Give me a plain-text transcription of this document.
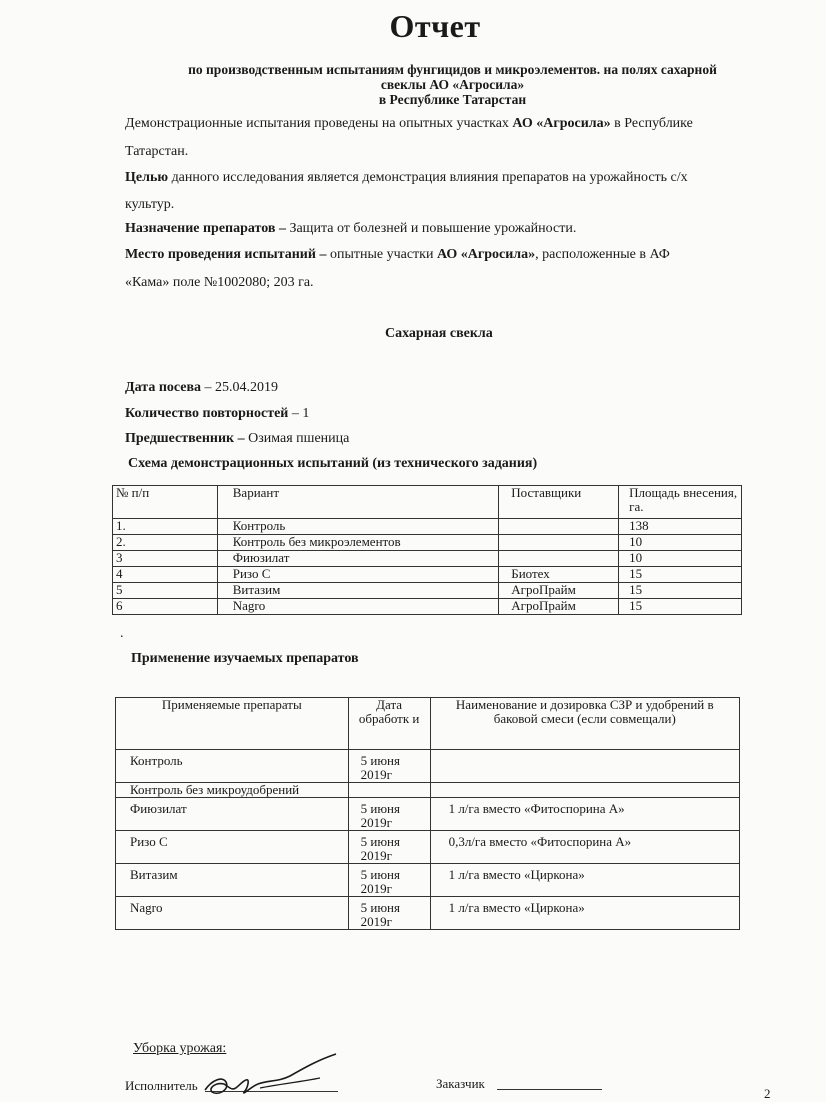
Отчет
по производственным испытаниям фунгицидов и микроэлементов. на полях сахарной
свеклы АО «Агросила»
в Республике Татарстан
Демонстрационные испытания проведены на опытных участках АО «Агросила» в Республике
Татарстан.
Целью данного исследования является демонстрация влияния препаратов на урожайность с/х
культур.
Назначение препаратов – Защита от болезней и повышение урожайности.
Место проведения испытаний – опытные участки АО «Агросила», расположенные в АФ
«Кама» поле №1002080; 203 га.
Сахарная свекла
Дата посева – 25.04.2019
Количество повторностей – 1
Предшественник – Озимая пшеница
Схема демонстрационных испытаний (из технического задания)
№ п/п	Вариант	Поставщики	Площадь внесения, га.
1.	Контроль		138
2.	Контроль без микроэлементов		10
3	Фиюзилат		10
4	Ризо С	Биотех	15
5	Витазим	АгроПрайм	15
6	Nagro	АгроПрайм	15
.
Применение изучаемых препаратов
Применяемые препараты	Дата обработк и	Наименование и дозировка СЗР и удобрений в баковой смеси (если совмещали)
Контроль	5 июня 2019г	
Контроль без микроудобрений		
Фиюзилат	5 июня 2019г	1 л/га вместо «Фитоспорина А»
Ризо С	5 июня 2019г	0,3л/га вместо «Фитоспорина А»
Витазим	5 июня 2019г	1 л/га вместо «Циркона»
Nagro	5 июня 2019г	1 л/га вместо «Циркона»
Уборка урожая:
Исполнитель	Заказчик
2
